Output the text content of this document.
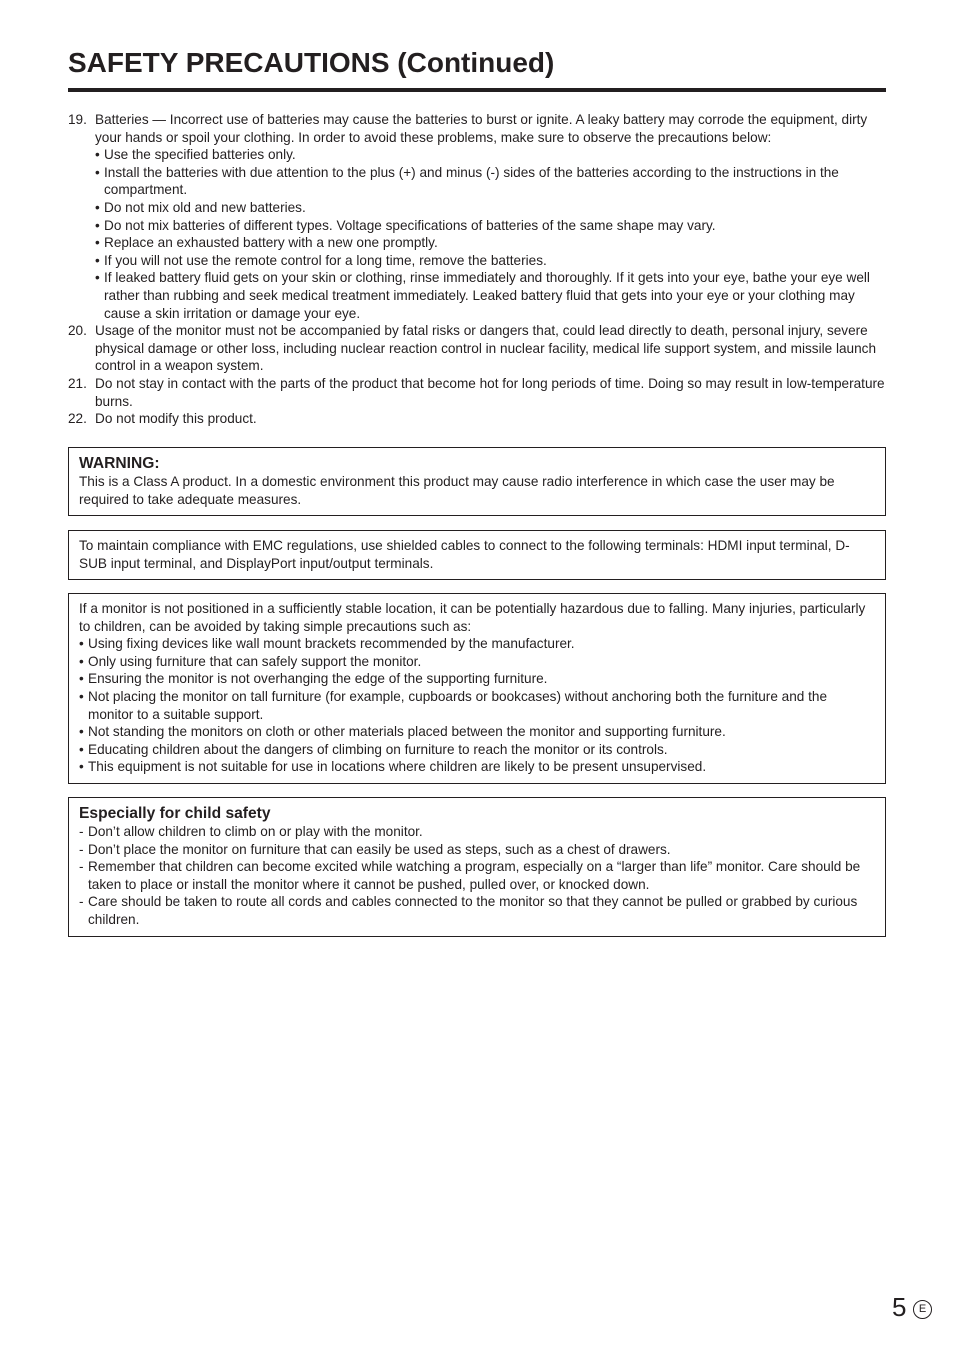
SAFETY PRECAUTIONS (Continued)
19. Batteries — Incorrect use of batteries may cause the batteries to burst or ignite. A leaky battery may corrode the equipment, dirty your hands or spoil your clothing. In order to avoid these problems, make sure to observe the precautions below:
• Use the specified batteries only.
• Install the batteries with due attention to the plus (+) and minus (-) sides of the batteries according to the instructions in the compartment.
• Do not mix old and new batteries.
• Do not mix batteries of different types. Voltage specifications of batteries of the same shape may vary.
• Replace an exhausted battery with a new one promptly.
• If you will not use the remote control for a long time, remove the batteries.
• If leaked battery fluid gets on your skin or clothing, rinse immediately and thoroughly. If it gets into your eye, bathe your eye well rather than rubbing and seek medical treatment immediately. Leaked battery fluid that gets into your eye or your clothing may cause a skin irritation or damage your eye.
20. Usage of the monitor must not be accompanied by fatal risks or dangers that, could lead directly to death, personal injury, severe physical damage or other loss, including nuclear reaction control in nuclear facility, medical life support system, and missile launch control in a weapon system.
21. Do not stay in contact with the parts of the product that become hot for long periods of time. Doing so may result in low-temperature burns.
22. Do not modify this product.
WARNING:
This is a Class A product. In a domestic environment this product may cause radio interference in which case the user may be required to take adequate measures.
To maintain compliance with EMC regulations, use shielded cables to connect to the following terminals: HDMI input terminal, D-SUB input terminal, and DisplayPort input/output terminals.
If a monitor is not positioned in a sufficiently stable location, it can be potentially hazardous due to falling. Many injuries, particularly to children, can be avoided by taking simple precautions such as:
• Using fixing devices like wall mount brackets recommended by the manufacturer.
• Only using furniture that can safely support the monitor.
• Ensuring the monitor is not overhanging the edge of the supporting furniture.
• Not placing the monitor on tall furniture (for example, cupboards or bookcases) without anchoring both the furniture and the monitor to a suitable support.
• Not standing the monitors on cloth or other materials placed between the monitor and supporting furniture.
• Educating children about the dangers of climbing on furniture to reach the monitor or its controls.
• This equipment is not suitable for use in locations where children are likely to be present unsupervised.
Especially for child safety
- Don’t allow children to climb on or play with the monitor.
- Don’t place the monitor on furniture that can easily be used as steps, such as a chest of drawers.
- Remember that children can become excited while watching a program, especially on a “larger than life” monitor. Care should be taken to place or install the monitor where it cannot be pushed, pulled over, or knocked down.
- Care should be taken to route all cords and cables connected to the monitor so that they cannot be pulled or grabbed by curious children.
5	E
